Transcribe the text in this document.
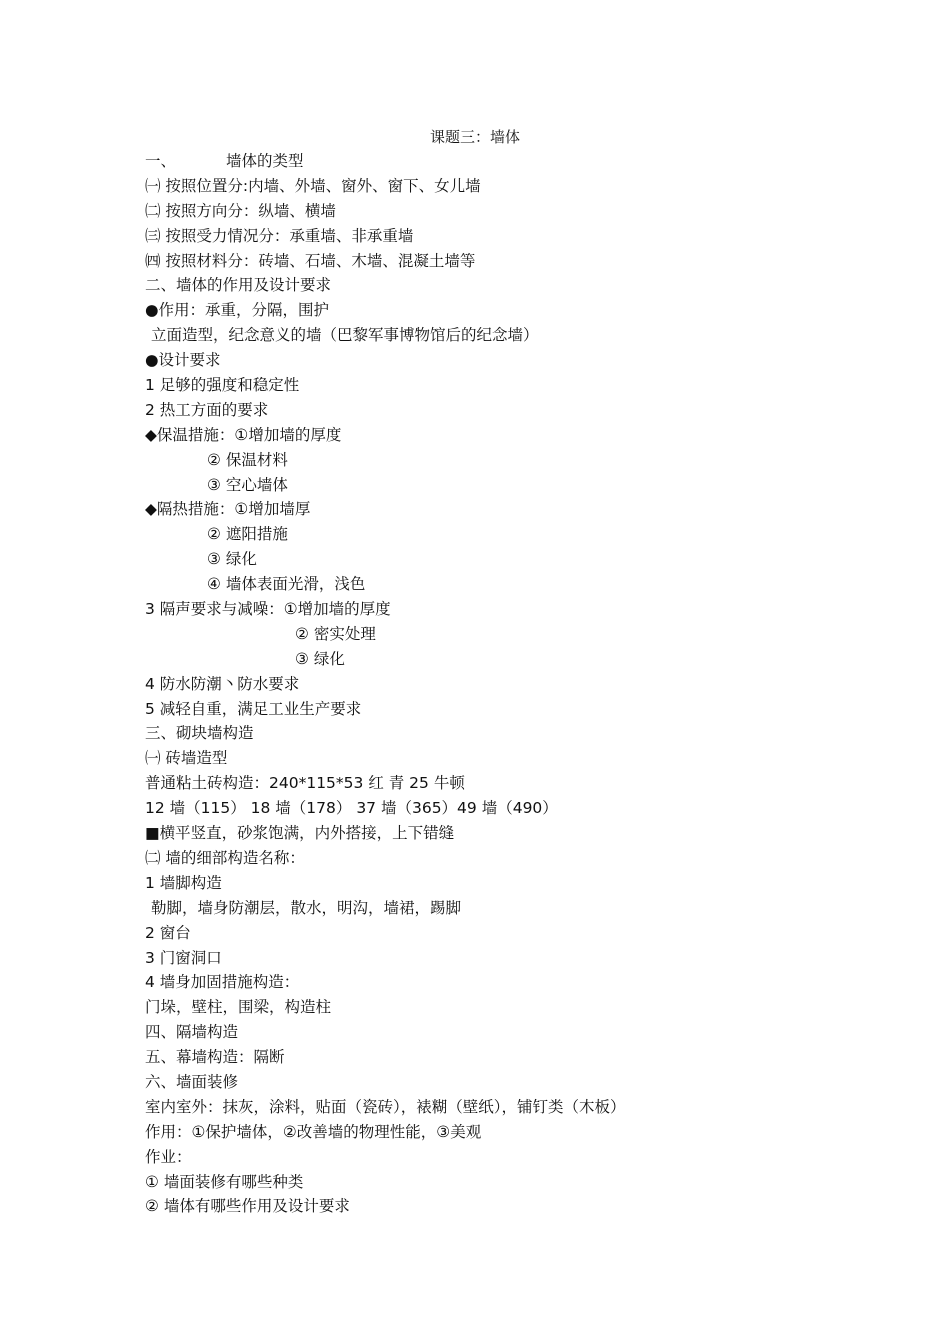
课题三：墙体
一、	墙体的类型
㈠ 按照位置分:内墙、外墙、窗外、窗下、女儿墙
㈡ 按照方向分：纵墙、横墙
㈢ 按照受力情况分：承重墙、非承重墙
㈣ 按照材料分：砖墙、石墙、木墙、混凝土墙等
二、墙体的作用及设计要求
●作用：承重，分隔，围护
立面造型，纪念意义的墙（巴黎军事博物馆后的纪念墙）
●设计要求
1 足够的强度和稳定性
2 热工方面的要求
◆保温措施：①增加墙的厚度
② 保温材料
③ 空心墙体
◆隔热措施：①增加墙厚
② 遮阳措施
③ 绿化
④ 墙体表面光滑，浅色
3 隔声要求与减噪：①增加墙的厚度
② 密实处理
③ 绿化
4 防水防潮丶防水要求
5 减轻自重，满足工业生产要求
三、砌块墙构造
㈠ 砖墙造型
普通粘土砖构造：240*115*53 红 青 25 牛顿
12 墙（115） 18 墙（178） 37 墙（365）49 墙（490）
■横平竖直，砂浆饱满，内外搭接，上下错缝
㈡ 墙的细部构造名称：
1 墙脚构造
勒脚，墙身防潮层，散水，明沟，墙裙，踢脚
2 窗台
3 门窗洞口
4 墙身加固措施构造：
门垛，壁柱，围梁，构造柱
四、隔墙构造
五、幕墙构造：隔断
六、墙面装修
室内室外：抹灰，涂料，贴面（瓷砖），裱糊（壁纸），铺钉类（木板）
作用：①保护墙体，②改善墙的物理性能，③美观
作业：
① 墙面装修有哪些种类
② 墙体有哪些作用及设计要求
